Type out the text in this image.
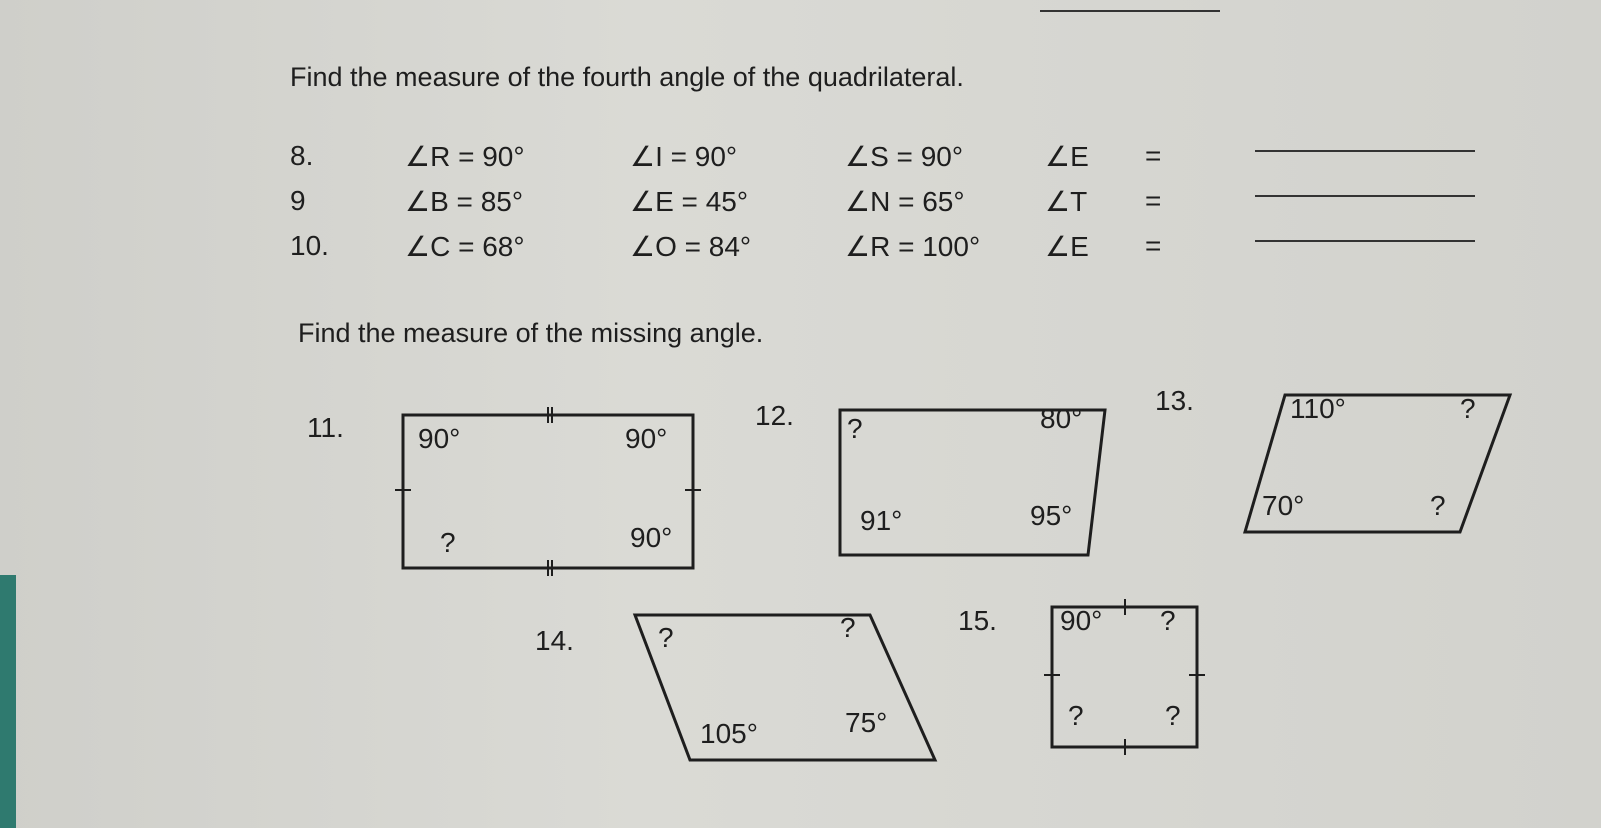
Find the measure of the fourth angle of the quadrilateral.
8.	∠R = 90°	∠I = 90°	∠S = 90°	∠E =
9	∠B = 85°	∠E = 45°	∠N = 65°	∠T =
10.	∠C = 68°	∠O = 84°	∠R = 100° ∠E =
Find the measure of the missing angle.
11.	90°	90°
90°
?
12. ?	80°
91°	95°
13.	110°	?
70°	?
14.	?	?
105°	75°
15. 90° ?
?	?
